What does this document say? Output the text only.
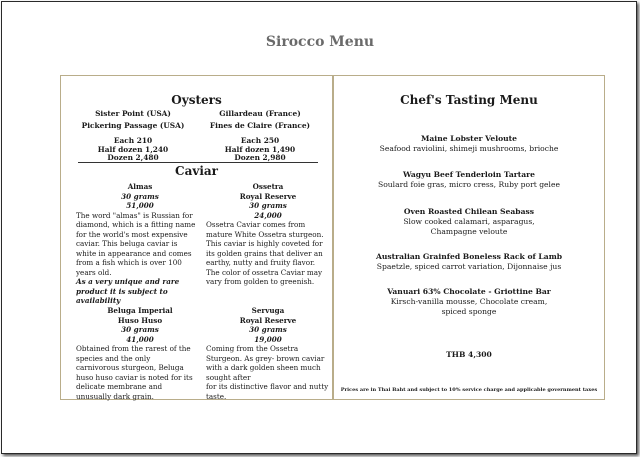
Sirocco Menu
Oysters
Sister Point (USA)
Pickering Passage (USA)
Each 210
Half dozen 1,240
Dozen 2,480
Gillardeau (France)
Fines de Claire (France)
Each 250
Half dozen 1,490
Dozen 2,980
Caviar
Almas
30 grams
51,000
The word "almas" is Russian for
diamond, which is a fitting name
for the world's most expensive
caviar. This beluga caviar is
white in appearance and comes
from a fish which is over 100
years old.
As a very unique and rare
product it is subject to
availability
Ossetra
Royal Reserve
30 grams
24,000
Ossetra Caviar comes from
mature White Ossetra sturgeon.
This caviar is highly coveted for
its golden grains that deliver an
earthy, nutty and fruity flavor.
The color of ossetra Caviar may
vary from golden to greenish.
Beluga Imperial
Huso Huso
30 grams
41,000
Obtained from the rarest of the
species and the only
carnivorous sturgeon, Beluga
huso huso caviar is noted for its
delicate membrane and
unusually dark grain.
Servuga
Royal Reserve
30 grams
19,000
Coming from the Ossetra
Sturgeon. As grey- brown caviar
with a dark golden sheen much
sought after
for its distinctive flavor and nutty
taste.
Chef's Tasting Menu
Maine Lobster Veloute
Seafood raviolini, shimeji mushrooms, brioche
Wagyu Beef Tenderloin Tartare
Soulard foie gras, micro cress, Ruby port gelee
Oven Roasted Chilean Seabass
Slow cooked calamari, asparagus,
Champagne veloute
Australian Grainfed Boneless Rack of Lamb
Spaetzle, spiced carrot variation, Dijonnaise jus
Vanuari 63% Chocolate - Griottine Bar
Kirsch-vanilla mousse, Chocolate cream,
spiced sponge
THB 4,300
Prices are in Thai Baht and subject to 10% service charge and applicable government taxes
